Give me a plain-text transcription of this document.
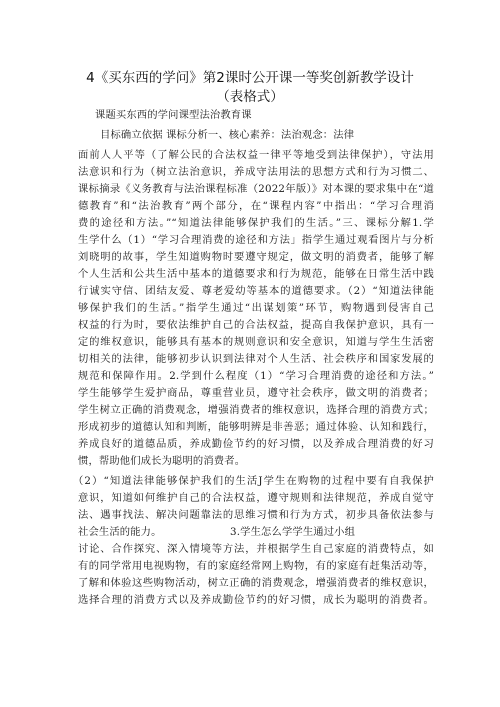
4《买东西的学问》第2课时公开课一等奖创新教学设计
（表格式）
课题买东西的学问课型法治教育课
目标确立依据 课标分析一、核心素养：法治观念：法律
面前人人平等（了解公民的合法权益一律平等地受到法律保护），守法用
法意识和行为（树立法治意识，养成守法用法的思想方式和行为习惯二、
课标摘录《义务教育与法治课程标准（2022年版）》对本课的要求集中在“道
德教育”和“法治教育”两个部分，在“课程内容”中指出：“学习合理消
费的途径和方法。”“知道法律能够保护我们的生活。”三、课标分解1.学
生学什么（1）“学习合理消费的途径和方法」指学生通过观看图片与分析
刘晓明的故事，学生知道购物时要遵守规定，做文明的消费者，能够了解
个人生活和公共生活中基本的道德要求和行为规范，能够在日常生活中践
行诚实守信、团结友爱、尊老爱幼等基本的道德要求。（2）“知道法律能
够保护我们的生活。”指学生通过“出谋划策”环节，购物遇到侵害自己
权益的行为时，要依法维护自己的合法权益，提高自我保护意识，具有一
定的维权意识，能够具有基本的规则意识和安全意识，知道与学生生活密
切相关的法律，能够初步认识到法律对个人生活、社会秩序和国家发展的
规范和保障作用。2.学到什么程度（1）“学习合理消费的途径和方法。”
学生能够学生爱护商品，尊重营业员，遵守社会秩序，做文明的消费者；
学生树立正确的消费观念，增强消费者的维权意识，选择合理的消费方式；
形成初步的道德认知和判断，能够明辨是非善恶；通过体验、认知和践行，
养成良好的道德品质，养成勤俭节约的好习惯，以及养成合理消费的好习
惯，帮助他们成长为聪明的消费者。
（2）“知道法律能够保护我们的生活J学生在购物的过程中要有自我保护
意识，知道如何维护自己的合法权益，遵守规则和法律规范，养成自觉守
法、遇事找法、解决问题靠法的思维习惯和行为方式，初步具备依法参与
社会生活的能力。                    3.学生怎么学学生通过小组
讨论、合作探究、深入情境等方法，并根据学生自己家庭的消费特点，如
有的同学常用电视购物，有的家庭经常网上购物，有的家庭有赶集活动等，
了解和体验这些购物活动，树立正确的消费观念，增强消费者的维权意识，
选择合理的消费方式以及养成勤俭节约的好习惯，成长为聪明的消费者。
